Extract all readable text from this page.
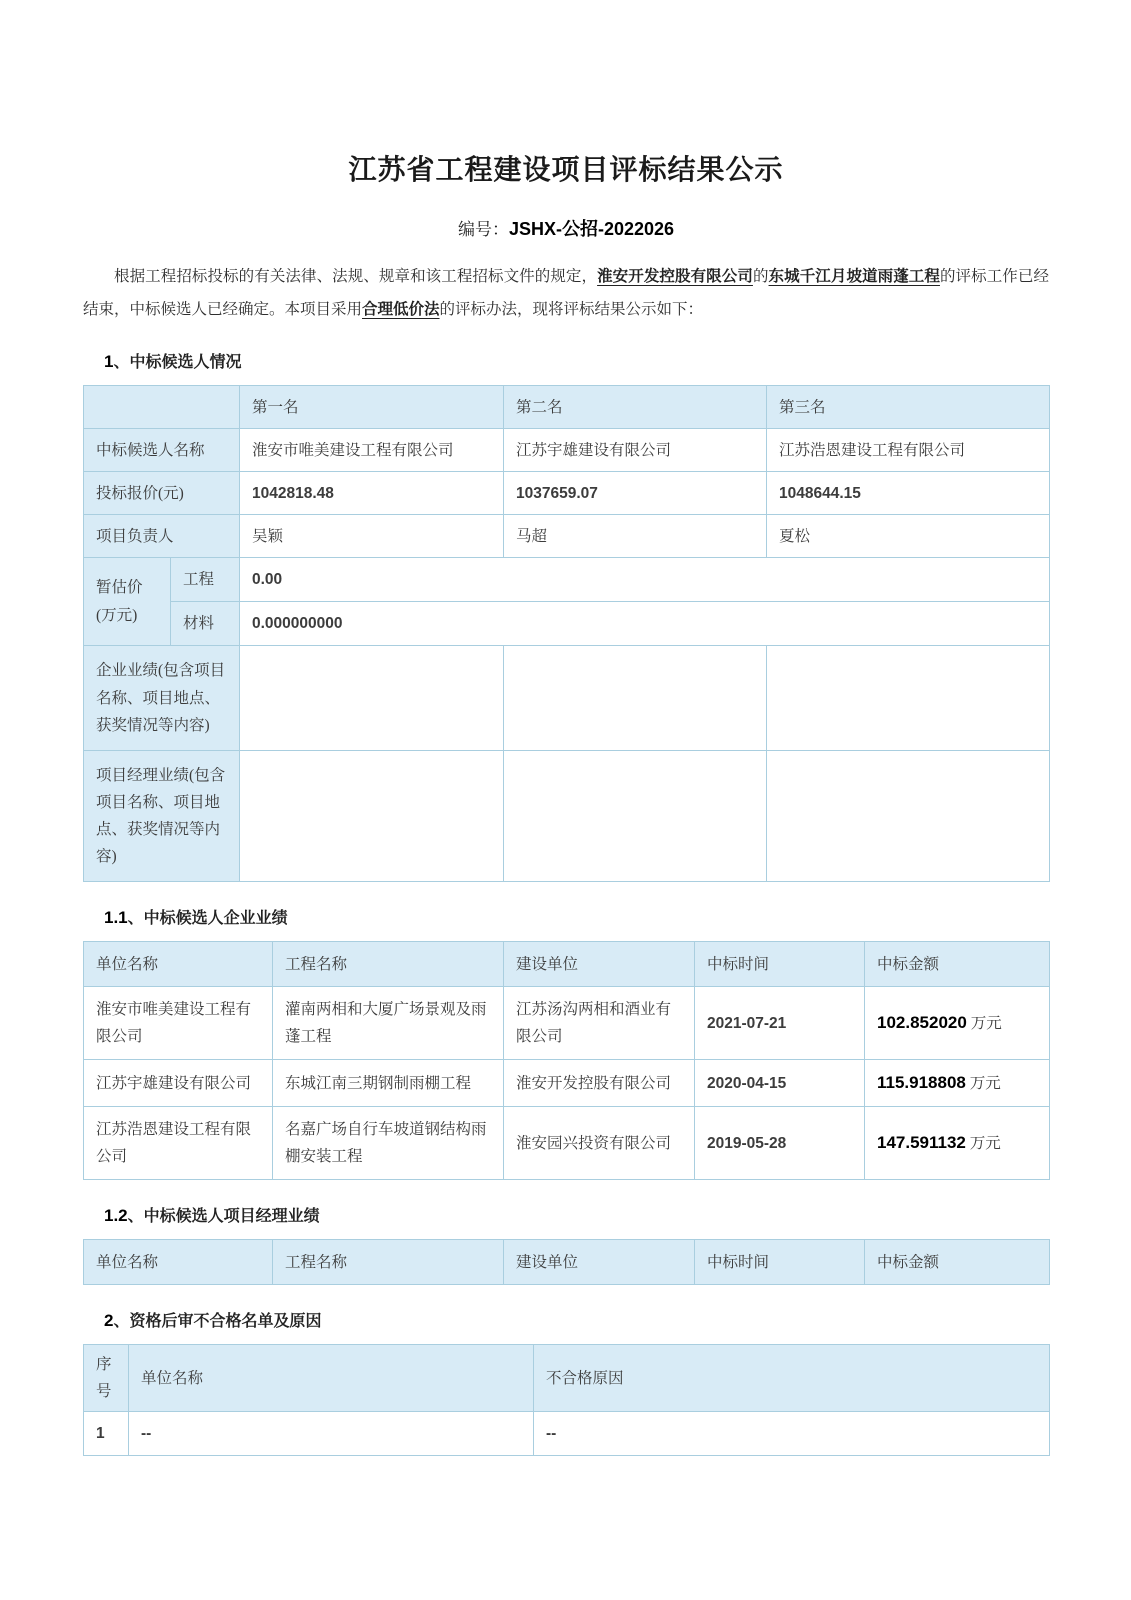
江苏省工程建设项目评标结果公示
编号：JSHX-公招-2022026

根据工程招标投标的有关法律、法规、规章和该工程招标文件的规定，淮安开发控股有限公司的东城千江月坡道雨蓬工程的评标工作已经结束，中标候选人已经确定。本项目采用合理低价法的评标办法，现将评标结果公示如下：

1、中标候选人情况
		第一名	第二名	第三名
中标候选人名称		淮安市唯美建设工程有限公司	江苏宇雄建设有限公司	江苏浩恩建设工程有限公司
投标报价(元)		1042818.48	1037659.07	1048644.15
项目负责人		吴颖	马超	夏松
暂估价(万元)	工程	0.00		
	材料	0.000000000		
企业业绩(包含项目名称、项目地点、获奖情况等内容)				
项目经理业绩(包含项目名称、项目地点、获奖情况等内容)				
1.1、中标候选人企业业绩
单位名称	工程名称	建设单位	中标时间	中标金额
淮安市唯美建设工程有限公司	灌南两相和大厦广场景观及雨蓬工程	江苏汤沟两相和酒业有限公司	2021-07-21	102.852020 万元
江苏宇雄建设有限公司	东城江南三期钢制雨棚工程	淮安开发控股有限公司	2020-04-15	115.918808 万元
江苏浩恩建设工程有限公司	名嘉广场自行车坡道钢结构雨棚安装工程	淮安园兴投资有限公司	2019-05-28	147.591132 万元
1.2、中标候选人项目经理业绩
单位名称	工程名称	建设单位	中标时间	中标金额
2、资格后审不合格名单及原因
序号	单位名称	不合格原因
1	--	--
